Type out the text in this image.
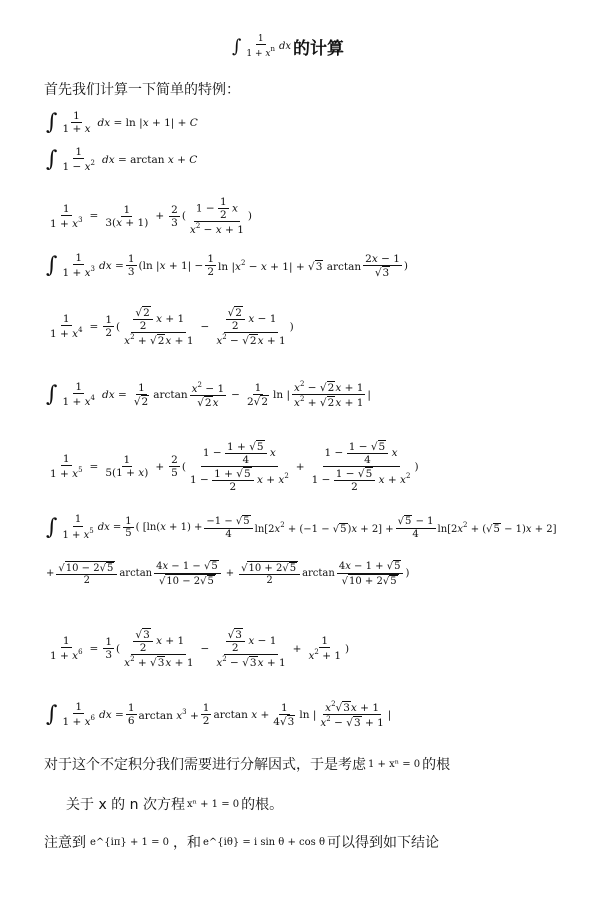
∫ $\frac{1}{1 + x^n}$ dx 的计算
首先我们计算一下简单的特例：
∫ $\frac{1}{1 + x}$ dx = ln |x + 1| + C
∫ $\frac{1}{1 - x^2}$ dx = arctan x + C
$\frac{1}{1 + x^3} = \frac{1}{3(x + 1)} + \frac{2}{3}$ ( $\frac{1 - \frac{1}{2} x}{x^2 - x + 1}$ )
∫ $\frac{1}{1 + x^3}$ dx = $\frac{1}{3} (\ln$ $|x + 1| - \frac{1}{2}$ $\ln |x^2 - x + 1|$ + √ 3 arctan 2x − 1
√ 3 )
$\frac{1}{1 + x^4} = \frac{1}{2}$ ( √ $\frac{\frac{2}{2} x + 1}{x^2 + √ 2x + 1}$ − √ $\frac{\frac{2}{2} x - 1}{x^2 - √ 2x + 1}$ )
∫ $\frac{1}{1 + x^4}$ dx = 1
√ 2 $\arctan x^2 - 1$
√ $2x - \frac{1}{2 √ 2}$ ln | $\frac{x^2 - √ 2x + 1}{x^2 + √ 2x + 1}$ |
$\frac{1}{1 + x^5} = \frac{1}{5(1 + x)} + \frac{2}{5}$ ( $\frac{1 - \frac{1 + √ 5}{4} x}{1 - \frac{1 + √ 5}{2} x + x^2} + \frac{1 - \frac{1 - √ 5}{4} x}{1 - \frac{1 - √ 5}{2} x + x^2}$ )
∫ $\frac{1}{1 + x^5}$ dx = $\frac{1}{5}$ ( [$\ln(x + 1) + \frac{-1 - √ 5}{4} \ln[2x^2 + (-1$ − √ 5)x + 2] + √ $\frac{5 - 1}{4} \ln[2x^2$ + ( √ 5 − 1)x + 2]
+ √ $\frac{10 - 2 √ 5}{2}$ arctan 4x − 1 − √ 5
√ 10 − 2 √ 5 + √ $\frac{10 + 2 √ 5}{2}$ arctan 4x − 1 + √ 5
√ 10 + 2 √ 5 )
$\frac{1}{1 + x^6} = \frac{1}{3}$ ( √ $\frac{\frac{3}{2} x + 1}{x^2 + √ 3x + 1}$ − √ $\frac{\frac{3}{2} x - 1}{x^2 - √ 3x + 1} + \frac{1}{x^2 + 1}$ )
∫ $\frac{1}{1 + x^6}$ dx = $\frac{1}{6}$ $\arctan x^3 + \frac{1}{2}$ $\arctan x + \frac{1}{4 √ 3}$ ln | $\frac{x^2 √ 3x + 1}{x^2 - √ 3 + 1}$ |
对于这个不定积分我们需要进行分解因式，于是考虑 1 + xⁿ = 0 的根
关于 x 的 n 次方程 xⁿ + 1 = 0 的根。
注意到 e^{iπ} + 1 = 0 ，和 e^{iθ} = i sin θ + cos θ 可以得到如下结论
